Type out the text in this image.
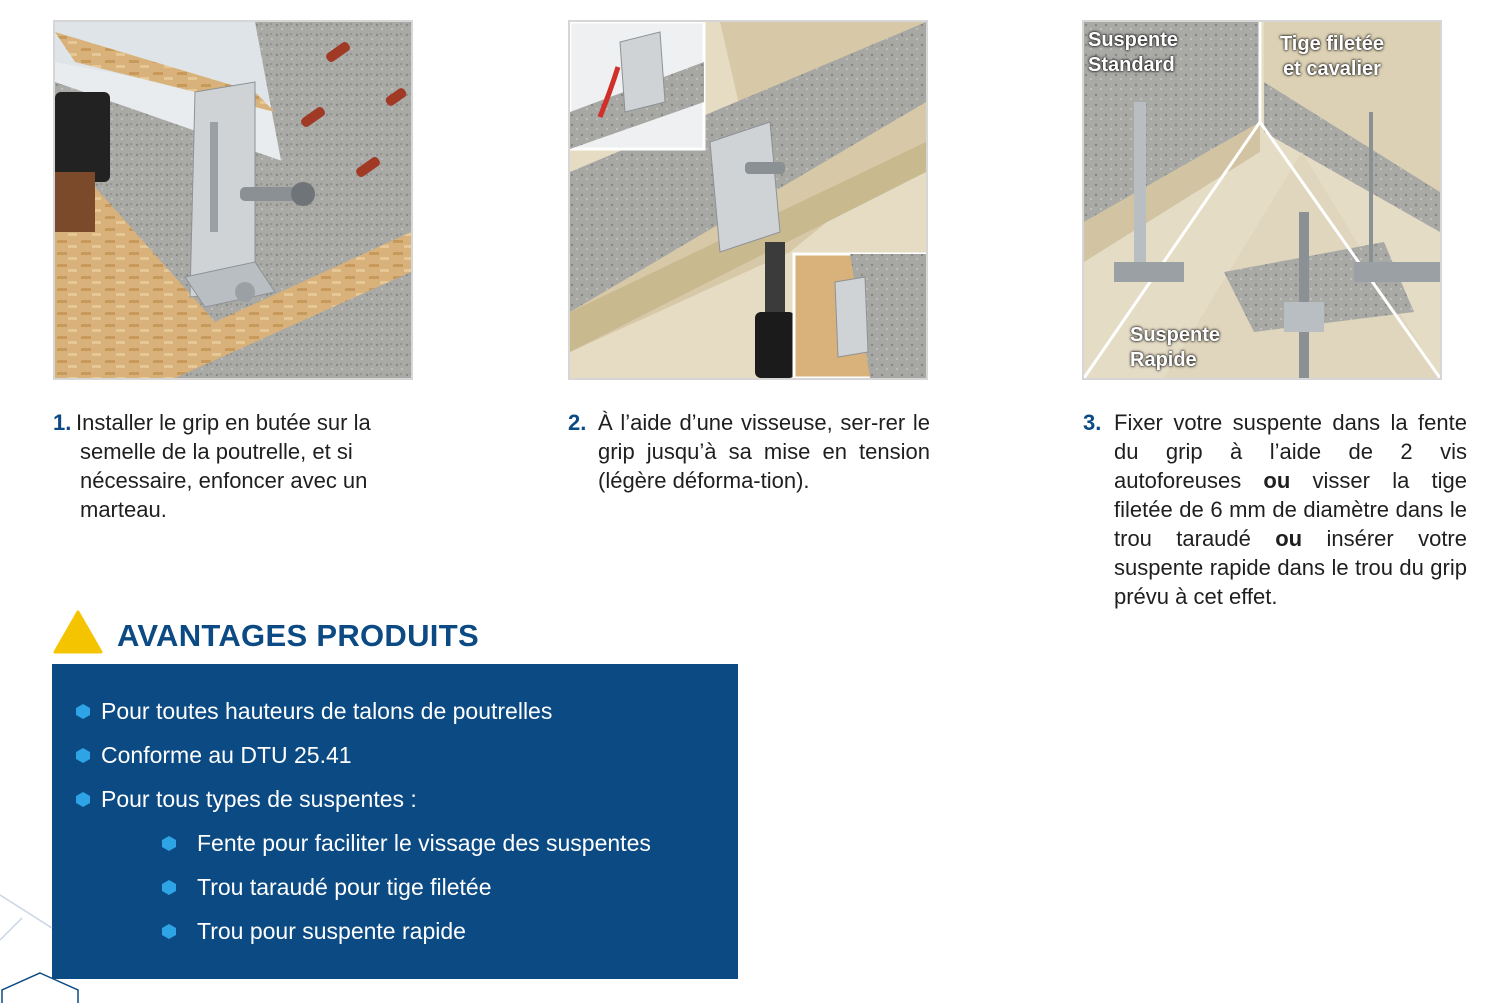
Suspente
Standard
Tige filetée
et cavalier
Suspente
Rapide
1. Installer le grip en butée sur la semelle de la poutrelle, et si nécessaire, enfoncer avec un marteau.
2. À l’aide d’une visseuse, ser-rer le grip jusqu’à sa mise en tension (légère déforma-tion).
3. Fixer votre suspente dans la fente du grip à l’aide de 2 vis autoforeuses ou visser la tige filetée de 6 mm de diamètre dans le trou taraudé ou insérer votre suspente rapide dans le trou du grip prévu à cet effet.
AVANTAGES PRODUITS
Pour toutes hauteurs de talons de poutrelles
Conforme au DTU 25.41
Pour tous types de suspentes :
Fente pour faciliter le vissage des suspentes
Trou taraudé pour tige filetée
Trou pour suspente rapide
